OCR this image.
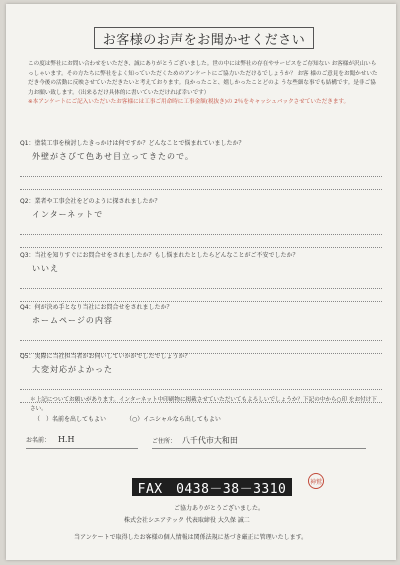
お客様のお声をお聞かせください
この度は弊社にお問い合わせをいただき、誠にありがとうございました。世の中には弊社の存在やサービスをご存知ない お客様が沢山いらっしゃいます。その方たちに弊社をよく知っていただくためのアンケートにご協力いただけるでしょうか？ お客 様のご意見をお聞かせいただき今後の活動に反映させていただきたいと考えております。良かったこと、嬉しかったことどのよ うな些細な事でも結構です。是非ご協力お願い致します。（出来るだけ具体的に書いていただければ幸いです）
※本アンケートにご記入いただいたお客様には工事ご用命時に工事金額(税抜き)の 2％をキャッシュバックさせていただきます。
Q1：塗装工事を検討したきっかけは何ですか？どんなことで悩まれていましたか？
外壁がさびて色あせ目立ってきたので。
Q2：業者や工事会社をどのように探されましたか？
インターネットで
Q3：当社を知りすぐにお問合せをされましたか？もし悩まれたとしたらどんなことがご不安でしたか？
いいえ
Q4：何が決め手となり当社にお問合せをされましたか？
ホームページの内容
Q5：実際に当社担当者がお伺いしていかがでしたでしょうか？
大変対応がよかった
＊上記についてお願いがあります。インターネット中印刷物に掲載させていただいてもよろしいでしょうか？下記の中から○印 をお付け下さい。
（　）名前を出してもよい	（○）イニシャルなら出してもよい
お名前： H.H	ご住所： 八千代市大和田
FAX　0438－38－3310	神鷲
ご協力ありがとうございました。
株式会社シエアテック 代表取締役 大久保 誠二
当アンケートで取得したお客様の個人情報は関係法規に基づき厳正に管理いたします。
